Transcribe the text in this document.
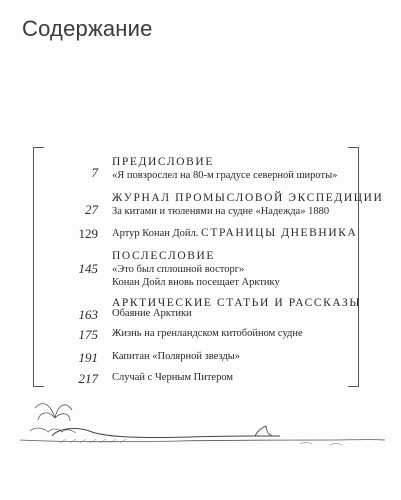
Содержание
7
ПРЕДИСЛОВИЕ
«Я повзрослел на 80-м градусе северной широты»
27
ЖУРНАЛ ПРОМЫСЛОВОЙ ЭКСПЕДИЦИИ
За китами и тюленями на судне «Надежда» 1880
129 Артур Конан Дойл. СТРАНИЦЫ ДНЕВНИКА
145
ПОСЛЕСЛОВИЕ
«Это был сплошной восторг»
Конан Дойл вновь посещает Арктику
АРКТИЧЕСКИЕ СТАТЬИ И РАССКАЗЫ
163 Обаяние Арктики
175 Жизнь на гренландском китобойном судне
191 Капитан «Полярной звезды»
217 Случай с Черным Питером
